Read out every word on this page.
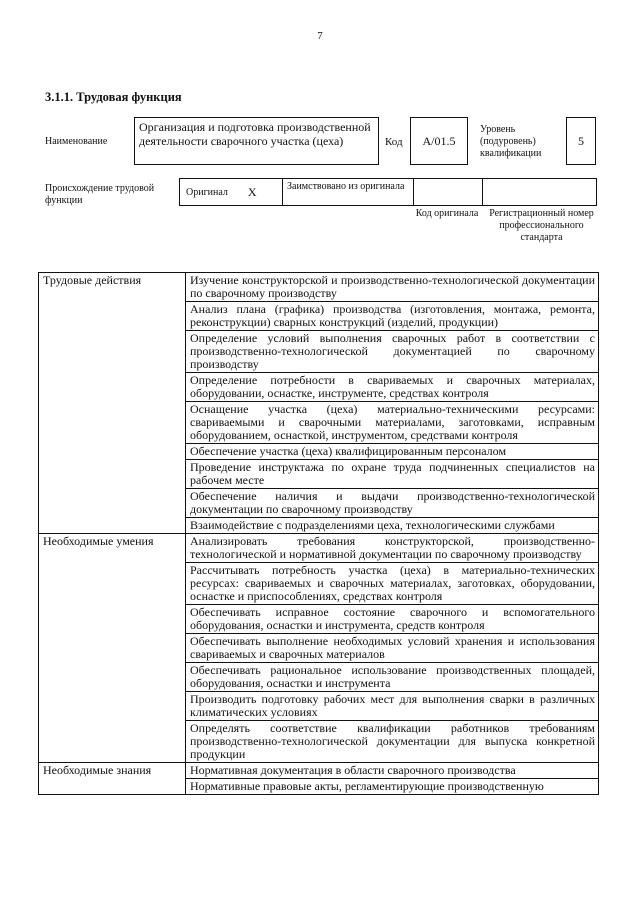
7
3.1.1. Трудовая функция
Наименование
Организация и подготовка производственной деятельности сварочного участка (цеха)	Код	А/01.5
Уровень (подуровень) квалификации
5
Происхождение трудовой функции
Оригинал X	Заимствовано из оригинала
Код оригинала	Регистрационный номер профессионального стандарта
Трудовые действия	Изучение конструкторской и производственно-технологической документации по сварочному производству
	Анализ плана (графика) производства (изготовления, монтажа, ремонта, реконструкции) сварных конструкций (изделий, продукции)
	Определение условий выполнения сварочных работ в соответствии с производственно-технологической документацией по сварочному производству
	Определение потребности в свариваемых и сварочных материалах, оборудовании, оснастке, инструменте, средствах контроля
	Оснащение участка (цеха) материально-техническими ресурсами: свариваемыми и сварочными материалами, заготовками, исправным оборудованием, оснасткой, инструментом, средствами контроля
	Обеспечение участка (цеха) квалифицированным персоналом
	Проведение инструктажа по охране труда подчиненных специалистов на рабочем месте
	Обеспечение наличия и выдачи производственно-технологической документации по сварочному производству
	Взаимодействие с подразделениями цеха, технологическими службами
Необходимые умения	Анализировать требования конструкторской, производственно-технологической и нормативной документации по сварочному производству
	Рассчитывать потребность участка (цеха) в материально-технических ресурсах: свариваемых и сварочных материалах, заготовках, оборудовании, оснастке и приспособлениях, средствах контроля
	Обеспечивать исправное состояние сварочного и вспомогательного оборудования, оснастки и инструмента, средств контроля
	Обеспечивать выполнение необходимых условий хранения и использования свариваемых и сварочных материалов
	Обеспечивать рациональное использование производственных площадей, оборудования, оснастки и инструмента
	Производить подготовку рабочих мест для выполнения сварки в различных климатических условиях
	Определять соответствие квалификации работников требованиям производственно-технологической документации для выпуска конкретной продукции
Необходимые знания	Нормативная документация в области сварочного производства
	Нормативные правовые акты, регламентирующие производственную
